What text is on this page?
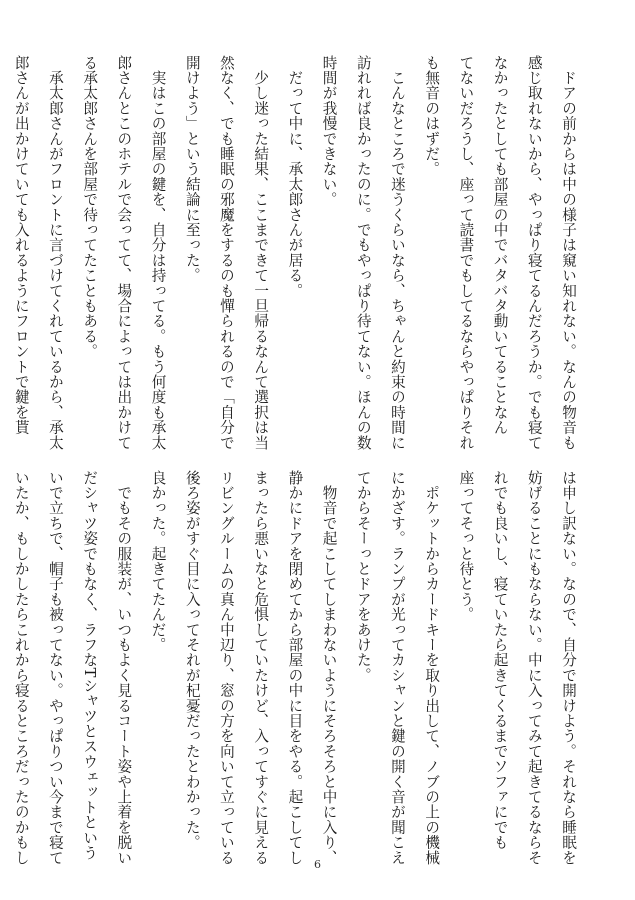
　ドアの前からは中の様子は窺い知れない。なんの物音も
感じ取れないから、やっぱり寝てるんだろうか。でも寝て
なかったとしても部屋の中でバタバタ動いてることなん
てないだろうし、座って読書でもしてるならやっぱりそれ
も無音のはずだ。
　こんなところで迷うくらいなら、ちゃんと約束の時間に
訪れれば良かったのに。でもやっぱり待てない。ほんの数
時間が我慢できない。
　だって中に、承太郎さんが居る。
　少し迷った結果、ここまできて一旦帰るなんて選択は当
然なく、でも睡眠の邪魔をするのも憚られるので「自分で
開けよう」という結論に至った。
　実はこの部屋の鍵を、自分は持ってる。もう何度も承太
郎さんとこのホテルで会ってて、場合によっては出かけて
る承太郎さんを部屋で待ってたこともある。
　承太郎さんがフロントに言づけてくれているから、承太
郎さんが出かけていても入れるようにフロントで鍵を貰
は申し訳ない。なので、自分で開けよう。それなら睡眠を
妨げることにもならない。中に入ってみて起きてるならそ
れでも良いし、寝ていたら起きてくるまでソファにでも
座ってそっと待とう。
　ポケットからカードキーを取り出して、ノブの上の機械
にかざす。ランプが光ってカシャンと鍵の開く音が聞こえ
てからそーっとドアをあけた。
　物音で起こしてしまわないようにそろそろと中に入り、
静かにドアを閉めてから部屋の中に目をやる。起こしてし
まったら悪いなと危惧していたけど、入ってすぐに見える
リビングルームの真ん中辺り、窓の方を向いて立っている
後ろ姿がすぐ目に入ってそれが杞憂だったとわかった。
良かった。起きてたんだ。
　でもその服装が、いつもよく見るコート姿や上着を脱い
だシャツ姿でもなく、ラフなTシャツとスウェットという
いで立ちで、帽子も被ってない。やっぱりつい今まで寝て
いたか、もしかしたらこれから寝るところだったのかもし	6
